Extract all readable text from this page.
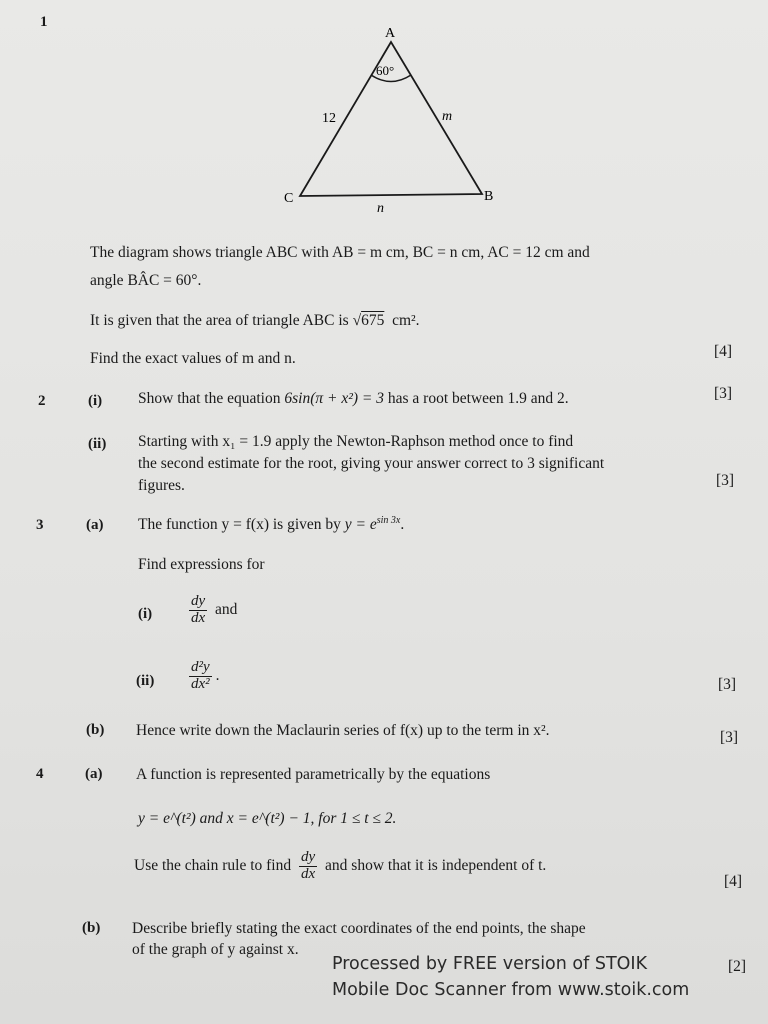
1
A
B
C
60°
12	m
n
The diagram shows triangle ABC with AB = m cm, BC = n cm, AC = 12 cm and
angle BÂC = 60°.
It is given that the area of triangle ABC is √675 cm².
Find the exact values of m and n.	[4]
2	(i) Show that the equation 6sin(π + x²) = 3 has a root between 1.9 and 2.	[3]
(ii) Starting with x₁ = 1.9 apply the Newton-Raphson method once to find
the second estimate for the root, giving your answer correct to 3 significant
figures.	[3]
3	(a) The function y = f(x) is given by $y = e^{sin 3x}$.
Find expressions for
$(i) \frac{dy}{dx}$ and
$(ii) \frac{\text{d²y}}{\text{dx²}}$ .
[3]
(b) Hence write down the Maclaurin series of f(x) up to the term in x².	[3]
4	(a) A function is represented parametrically by the equations
y = e^(t²) and x = e^(t²) − 1, for 1 ≤ t ≤ 2.
Use the chain rule to find $\frac{dy}{dx}$ and show that it is independent of t.
[4]
(b) Describe briefly stating the exact coordinates of the end points, the shape
of the graph of y against x.
[2]
Processed by FREE version of STOIK
Mobile Doc Scanner from www.stoik.com
